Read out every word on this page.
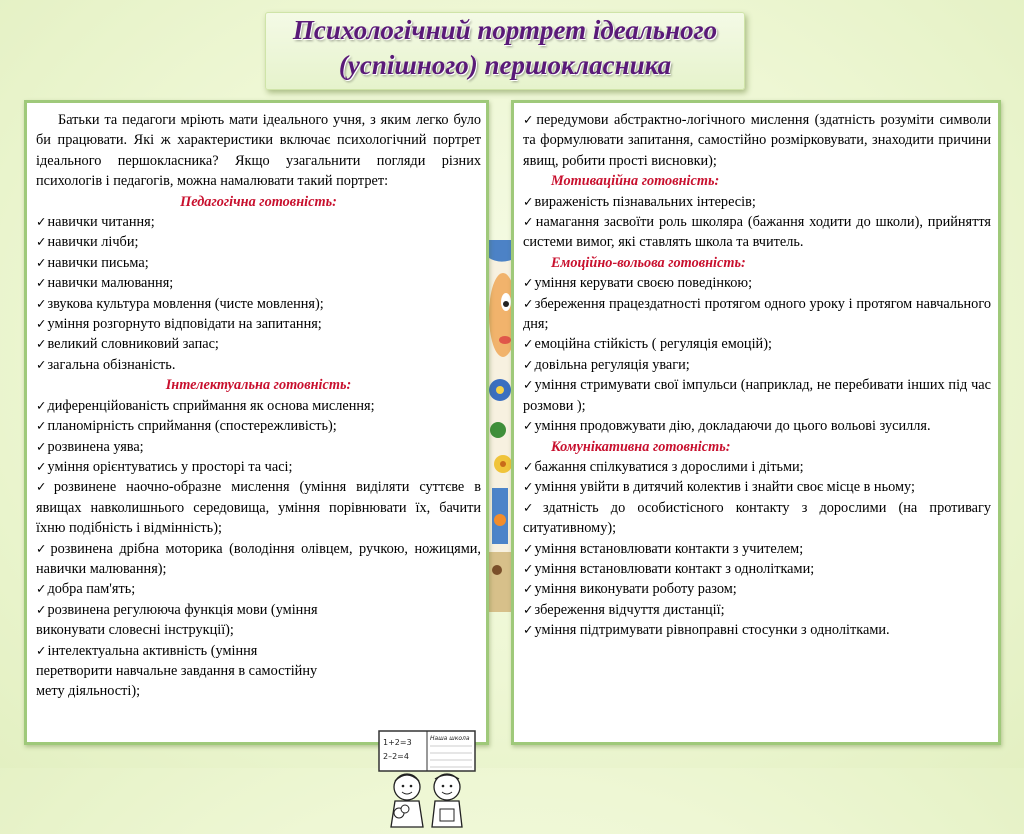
Психологічний портрет ідеального
(успішного) першокласника
Батьки та педагоги мріють мати ідеального учня, з яким легко було би працювати. Які ж характеристики включає психологічний портрет ідеального першокласника? Якщо узагальнити погляди різних психологів і педагогів, можна намалювати такий портрет:
Педагогічна готовність:
✓ навички читання;
✓ навички лічби;
✓ навички письма;
✓ навички малювання;
✓ звукова культура мовлення (чисте мовлення);
✓ уміння розгорнуто відповідати на запитання;
✓ великий словниковий запас;
✓ загальна обізнаність.
Інтелектуальна готовність:
✓ диференційованість сприймання як основа мислення;
✓ планомірність сприймання (спостережливість);
✓ розвинена уява;
✓ уміння орієнтуватись у просторі та часі;
✓ розвинене наочно-образне мислення (уміння виділяти суттєве в явищах навколишнього середовища, уміння порівнювати їх, бачити їхню подібність і відмінність);
✓ розвинена дрібна моторика (володіння олівцем, ручкою, ножицями, навички малювання);
✓ добра пам'ять;
✓ розвинена регулююча функція мови (уміння виконувати словесні інструкції);
✓ інтелектуальна активність (уміння перетворити навчальне завдання в самостійну мету діяльності);
1+2=3
2–2=4
Наша школа
✓ передумови абстрактно-логічного мислення (здатність розуміти символи та формулювати запитання, самостійно розмірковувати, знаходити причини явищ, робити прості висновки);
Мотиваційна готовність:
✓ вираженість пізнавальних інтересів;
✓ намагання засвоїти роль школяра (бажання ходити до школи), прийняття системи вимог, які ставлять школа та вчитель.
Емоційно-вольова готовність:
✓ уміння керувати своєю поведінкою;
✓ збереження працездатності протягом одного уроку і протягом навчального дня;
✓ емоційна стійкість ( регуляція емоцій);
✓ довільна регуляція уваги;
✓ уміння стримувати свої імпульси (наприклад, не перебивати інших під час розмови );
✓ уміння продовжувати дію, докладаючи до цього вольові зусилля.
Комунікативна готовність:
✓ бажання спілкуватися з дорослими і дітьми;
✓ уміння увійти в дитячий колектив і знайти своє місце в ньому;
✓ здатність до особистісного контакту з дорослими (на противагу ситуативному);
✓ уміння встановлювати контакти з учителем;
✓ уміння встановлювати контакт з однолітками;
✓ уміння виконувати роботу разом;
✓ збереження відчуття дистанції;
✓ уміння підтримувати рівноправні стосунки з однолітками.
